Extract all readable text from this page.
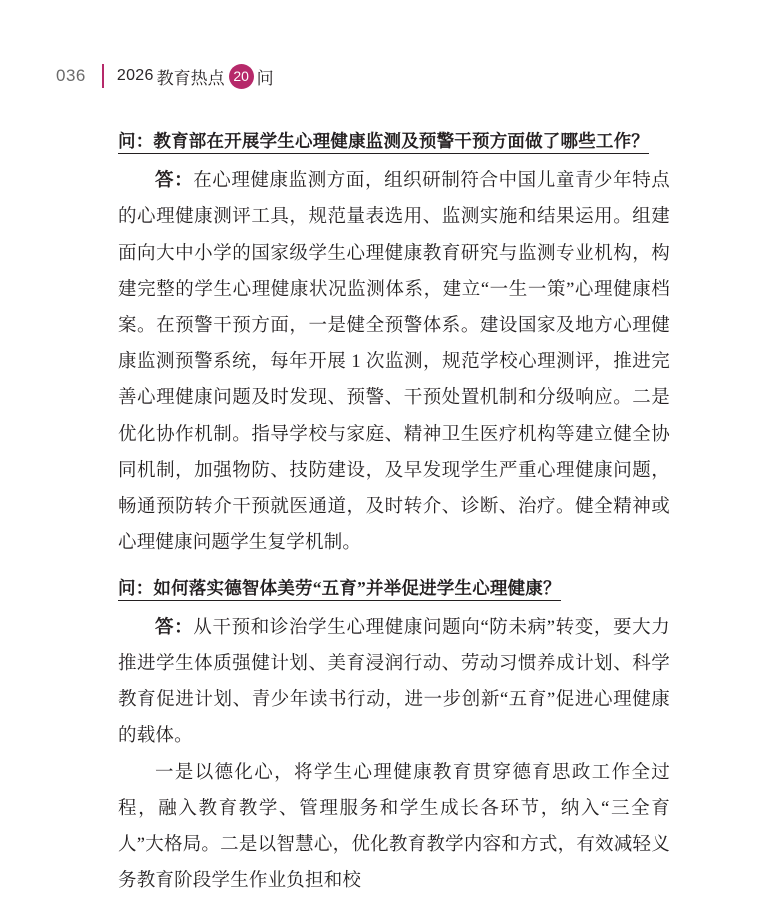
036 2026 教育热点 20 问
问：教育部在开展学生心理健康监测及预警干预方面做了哪些工作？

答：在心理健康监测方面，组织研制符合中国儿童青少年特点的心理健康测评工具，规范量表选用、监测实施和结果运用。组建面向大中小学的国家级学生心理健康教育研究与监测专业机构，构建完整的学生心理健康状况监测体系，建立“一生一策”心理健康档案。在预警干预方面，一是健全预警体系。建设国家及地方心理健康监测预警系统，每年开展 1 次监测，规范学校心理测评，推进完善心理健康问题及时发现、预警、干预处置机制和分级响应。二是优化协作机制。指导学校与家庭、精神卫生医疗机构等建立健全协同机制，加强物防、技防建设，及早发现学生严重心理健康问题，畅通预防转介干预就医通道，及时转介、诊断、治疗。健全精神或心理健康问题学生复学机制。

问：如何落实德智体美劳“五育”并举促进学生心理健康？

答：从干预和诊治学生心理健康问题向“防未病”转变，要大力推进学生体质强健计划、美育浸润行动、劳动习惯养成计划、科学教育促进计划、青少年读书行动，进一步创新“五育”促进心理健康的载体。

一是以德化心，将学生心理健康教育贯穿德育思政工作全过程，融入教育教学、管理服务和学生成长各环节，纳入“三全育人”大格局。二是以智慧心，优化教育教学内容和方式，有效减轻义务教育阶段学生作业负担和校
